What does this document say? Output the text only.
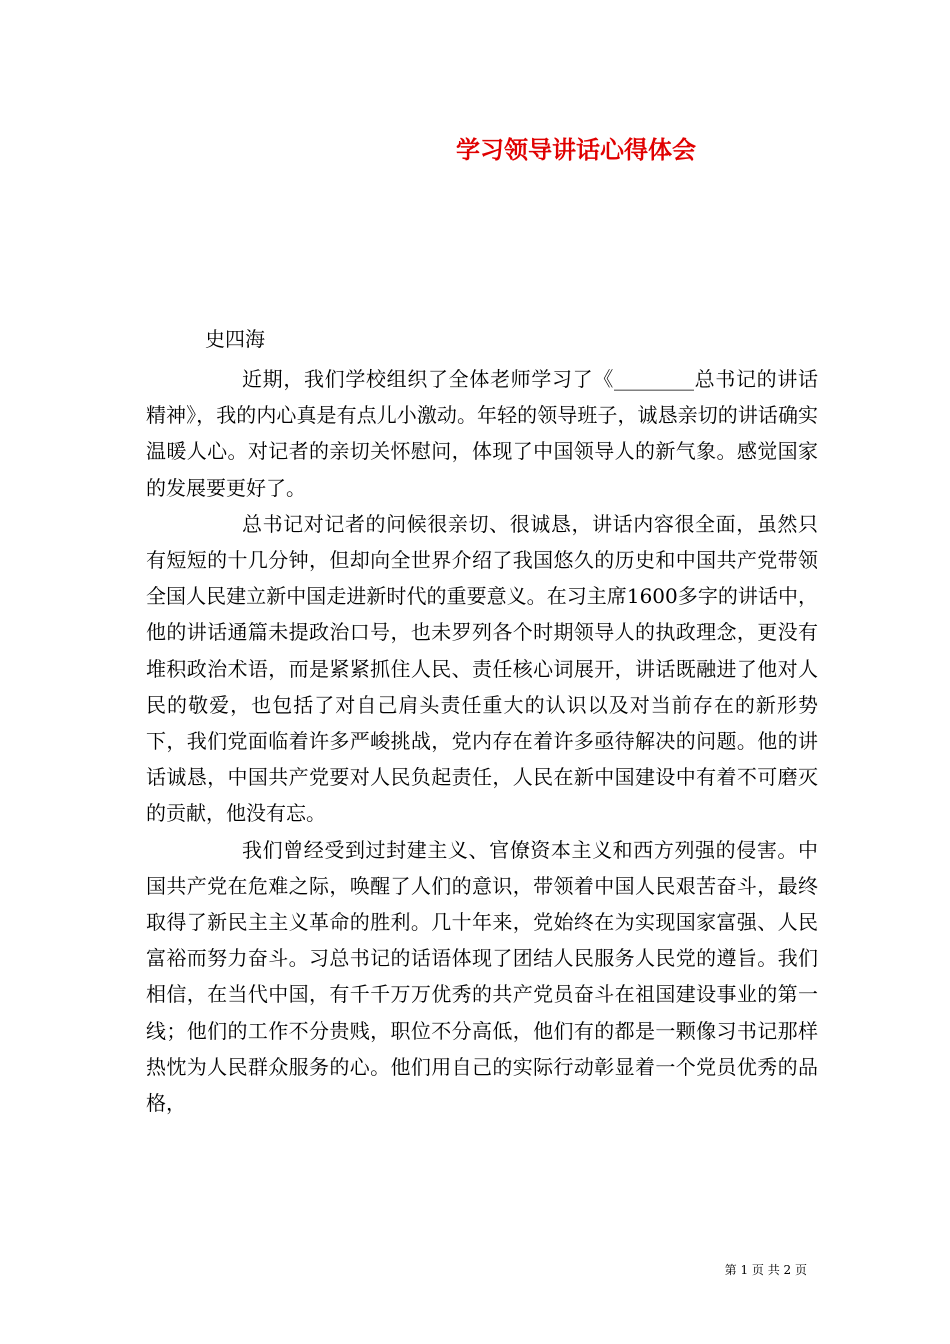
学习领导讲话心得体会

史四海

近期，我们学校组织了全体老师学习了《________总书记的讲话精神》，我的内心真是有点儿小激动。年轻的领导班子，诚恳亲切的讲话确实温暖人心。对记者的亲切关怀慰问，体现了中国领导人的新气象。感觉国家的发展要更好了。

总书记对记者的问候很亲切、很诚恳，讲话内容很全面，虽然只有短短的十几分钟，但却向全世界介绍了我国悠久的历史和中国共产党带领全国人民建立新中国走进新时代的重要意义。在习主席1600多字的讲话中，他的讲话通篇未提政治口号，也未罗列各个时期领导人的执政理念，更没有堆积政治术语，而是紧紧抓住人民、责任核心词展开，讲话既融进了他对人民的敬爱，也包括了对自己肩头责任重大的认识以及对当前存在的新形势下，我们党面临着许多严峻挑战，党内存在着许多亟待解决的问题。他的讲话诚恳，中国共产党要对人民负起责任，人民在新中国建设中有着不可磨灭的贡献，他没有忘。

我们曾经受到过封建主义、官僚资本主义和西方列强的侵害。中国共产党在危难之际，唤醒了人们的意识，带领着中国人民艰苦奋斗，最终取得了新民主主义革命的胜利。几十年来，党始终在为实现国家富强、人民富裕而努力奋斗。习总书记的话语体现了团结人民服务人民党的遵旨。我们相信，在当代中国，有千千万万优秀的共产党员奋斗在祖国建设事业的第一线；他们的工作不分贵贱，职位不分高低，他们有的都是一颗像习书记那样热忱为人民群众服务的心。他们用自己的实际行动彰显着一个党员优秀的品格，

第 1 页 共 2 页
